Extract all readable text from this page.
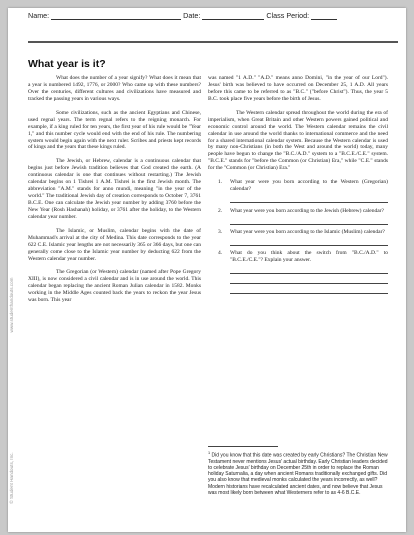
Name:	Date:	Class Period:
What year is it?
www.studenthandouts.com
© Student Handouts, Inc.

What does the number of a year signify? What does it mean that a year is numbered 1492, 1776, or 2000? Who came up with these numbers? Over the centuries, different cultures and civilizations have measured and tracked the passing years in various ways.

Some civilizations, such as the ancient Egyptians and Chinese, used regnal years. The term regnal refers to the reigning monarch. For example, if a king ruled for ten years, the first year of his rule would be "Year 1," and this number cycle would end with the end of his rule. The numbering system would begin again with the next ruler. Scribes and priests kept records of kings and the years that these kings ruled.

The Jewish, or Hebrew, calendar is a continuous calendar that begins just before Jewish tradition believes that God created the earth. (A continuous calendar is one that continues without restarting.) The Jewish calendar begins on 1 Tishrei 1 A.M. Tishrei is the first Jewish month. The abbreviation "A.M." stands for anno mundi, meaning "in the year of the world." The traditional Jewish day of creation corresponds to October 7, 3761 B.C.E. One can calculate the Jewish year number by adding 3760 before the New Year (Rosh Hashanah) holiday, or 3761 after the holiday, to the Western calendar year number.

The Islamic, or Muslim, calendar begins with the date of Muhammad's arrival at the city of Medina. This date corresponds to the year 622 C.E. Islamic year lengths are not necessarily 365 or 366 days, but one can generally come close to the Islamic year number by deducting 622 from the Western calendar year number.

The Gregorian (or Western) calendar (named after Pope Gregory XIII), is now considered a civil calendar and is in use around the world. This calendar began replacing the ancient Roman Julian calendar in 1582. Monks working in the Middle Ages counted back the years to reckon the year Jesus was born. This year

was named "1 A.D." "A.D." means anno Domini, "in the year of our Lord"). Jesus' birth was believed to have occurred on December 25, 1 A.D. All years before this came to be referred to as "B.C." ("before Christ"). Thus, the year 5 B.C. took place five years before the birth of Jesus.

The Western calendar spread throughout the world during the era of imperialism, when Great Britain and other Western powers gained political and economic control around the world. The Western calendar remains the civil calendar in use around the world thanks to international commerce and the need for a shared international calendar system. Because the Western calendar is used by many non-Christians (in both the West and around the world) today, many people have begun to change the "B.C./A.D." system to a "B.C.E./C.E." system. "B.C.E." stands for "before the Common (or Christian) Era," while "C.E." stands for the "Common (or Christian) Era."

1.	What year were you born according to the Western (Gregorian) calendar?
2.	What year were you born according to the Jewish (Hebrew) calendar?
3.	What year were you born according to the Islamic (Muslim) calendar?
4.	What do you think about the switch from "B.C./A.D." to "B.C.E./C.E."? Explain your answer.
$^1$ Did you know that this date was created by early Christians? The Christian New Testament never mentions Jesus' actual birthday. Early Christian leaders decided to celebrate Jesus' birthday on December 25th in order to replace the Roman holiday Saturnalia, a day when ancient Romans traditionally exchanged gifts. Did you also know that medieval monks calculated the years incorrectly, as well? Modern historians have recalculated ancient dates, and now believe that Jesus was most likely born between what Westerners refer to as 4-6 B.C.E.
